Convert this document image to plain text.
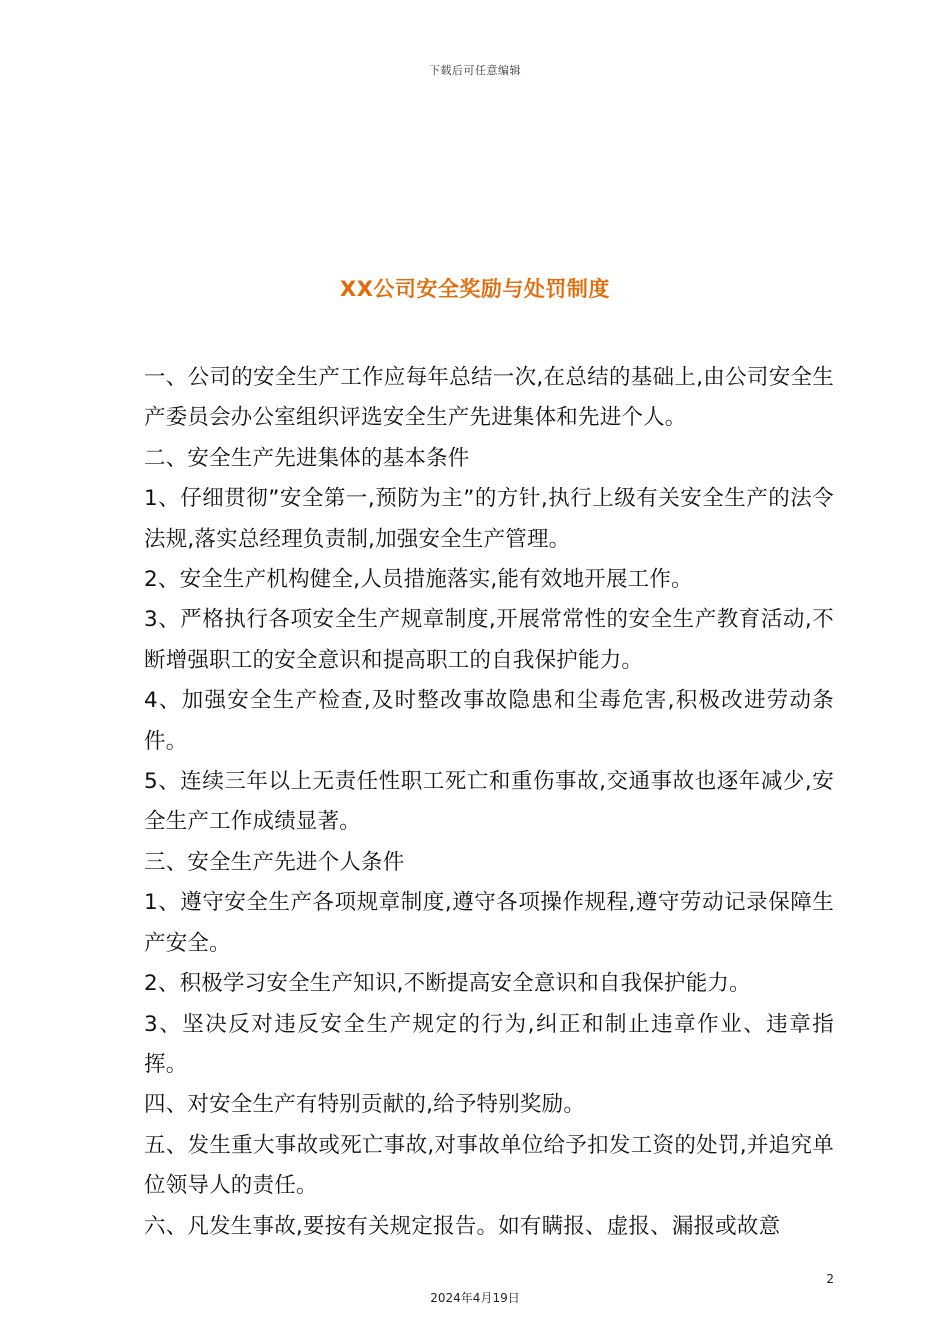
下载后可任意编辑
XX公司安全奖励与处罚制度

一、公司的安全生产工作应每年总结一次,在总结的基础上,由公司安全生产委员会办公室组织评选安全生产先进集体和先进个人。

二、安全生产先进集体的基本条件

1、仔细贯彻”安全第一,预防为主”的方针,执行上级有关安全生产的法令法规,落实总经理负责制,加强安全生产管理。

2、安全生产机构健全,人员措施落实,能有效地开展工作。

3、严格执行各项安全生产规章制度,开展常常性的安全生产教育活动,不断增强职工的安全意识和提高职工的自我保护能力。

4、加强安全生产检查,及时整改事故隐患和尘毒危害,积极改进劳动条件。

5、连续三年以上无责任性职工死亡和重伤事故,交通事故也逐年减少,安全生产工作成绩显著。

三、安全生产先进个人条件

1、遵守安全生产各项规章制度,遵守各项操作规程,遵守劳动记录保障生产安全。

2、积极学习安全生产知识,不断提高安全意识和自我保护能力。

3、坚决反对违反安全生产规定的行为,纠正和制止违章作业、违章指挥。

四、对安全生产有特别贡献的,给予特别奖励。

五、发生重大事故或死亡事故,对事故单位给予扣发工资的处罚,并追究单位领导人的责任。

六、凡发生事故,要按有关规定报告。如有瞒报、虚报、漏报或故意

2
2024年4月19日
